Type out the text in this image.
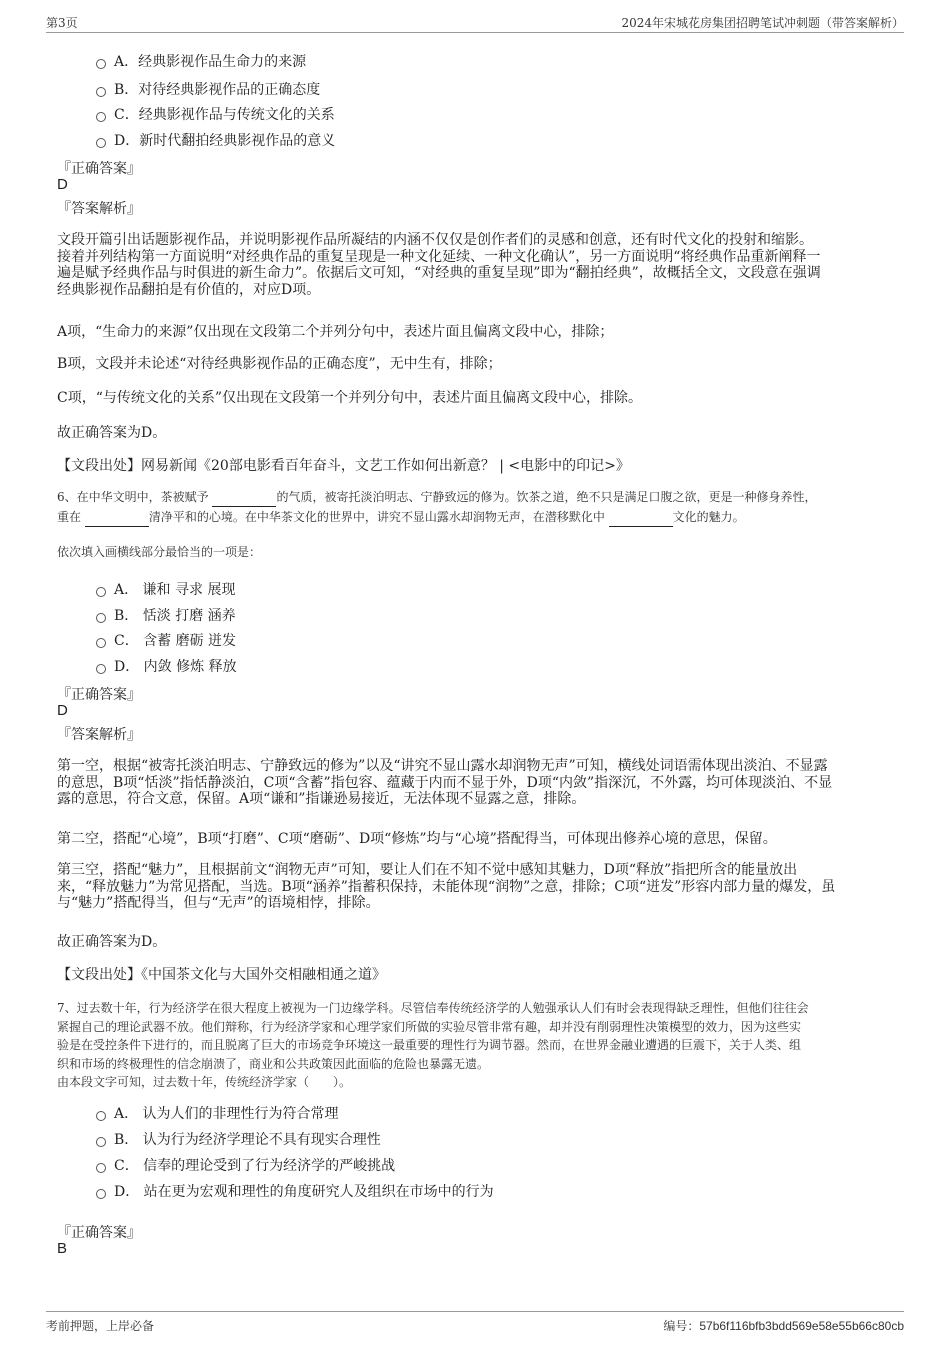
第3页	2024年宋城花房集团招聘笔试冲刺题（带答案解析）
A．经典影视作品生命力的来源
B．对待经典影视作品的正确态度
C．经典影视作品与传统文化的关系
D．新时代翻拍经典影视作品的意义
『正确答案』
D
『答案解析』

文段开篇引出话题影视作品，并说明影视作品所凝结的内涵不仅仅是创作者们的灵感和创意，还有时代文化的投射和缩影。

接着并列结构第一方面说明“对经典作品的重复呈现是一种文化延续、一种文化确认”，另一方面说明“将经典作品重新阐释一

遍是赋予经典作品与时俱进的新生命力”。依据后文可知，“对经典的重复呈现”即为“翻拍经典”，故概括全文，文段意在强调

经典影视作品翻拍是有价值的，对应D项。

A项，“生命力的来源”仅出现在文段第二个并列分句中，表述片面且偏离文段中心，排除；
B项，文段并未论述“对待经典影视作品的正确态度”，无中生有，排除；
C项，“与传统文化的关系”仅出现在文段第一个并列分句中，表述片面且偏离文段中心，排除。
故正确答案为D。
【文段出处】网易新闻《20部电影看百年奋斗，文艺工作如何出新意？ | <电影中的印记>》

6、在中华文明中，茶被赋予	的气质，被寄托淡泊明志、宁静致远的修为。饮茶之道，绝不只是满足口腹之欲，更是一种修身养性，

重在	清净平和的心境。在中华茶文化的世界中，讲究不显山露水却润物无声，在潜移默化中	文化的魅力。

依次填入画横线部分最恰当的一项是：
A． 谦和 寻求 展现
B． 恬淡 打磨 涵养
C． 含蓄 磨砺 迸发
D． 内敛 修炼 释放
『正确答案』
D
『答案解析』

第一空，根据“被寄托淡泊明志、宁静致远的修为”以及“讲究不显山露水却润物无声”可知，横线处词语需体现出淡泊、不显露

的意思，B项“恬淡”指恬静淡泊，C项“含蓄”指包容、蕴藏于内而不显于外，D项“内敛”指深沉，不外露，均可体现淡泊、不显

露的意思，符合文意，保留。A项“谦和”指谦逊易接近，无法体现不显露之意，排除。

第二空，搭配“心境”，B项“打磨”、C项“磨砺”、D项“修炼”均与“心境”搭配得当，可体现出修养心境的意思，保留。

第三空，搭配“魅力”，且根据前文“润物无声”可知，要让人们在不知不觉中感知其魅力，D项“释放”指把所含的能量放出

来，“释放魅力”为常见搭配，当选。B项“涵养”指蓄积保持，未能体现“润物”之意，排除；C项“迸发”形容内部力量的爆发，虽

与“魅力”搭配得当，但与“无声”的语境相悖，排除。

故正确答案为D。
【文段出处】《中国茶文化与大国外交相融相通之道》

7、过去数十年，行为经济学在很大程度上被视为一门边缘学科。尽管信奉传统经济学的人勉强承认人们有时会表现得缺乏理性，但他们往往会

紧握自己的理论武器不放。他们辩称，行为经济学家和心理学家们所做的实验尽管非常有趣，却并没有削弱理性决策模型的效力，因为这些实

验是在受控条件下进行的，而且脱离了巨大的市场竞争环境这一最重要的理性行为调节器。然而，在世界金融业遭遇的巨震下，关于人类、组

织和市场的终极理性的信念崩溃了，商业和公共政策因此面临的危险也暴露无遗。

由本段文字可知，过去数十年，传统经济学家（　　）。

A． 认为人们的非理性行为符合常理
B． 认为行为经济学理论不具有现实合理性
C． 信奉的理论受到了行为经济学的严峻挑战
D． 站在更为宏观和理性的角度研究人及组织在市场中的行为
『正确答案』
B
考前押题，上岸必备	编号：57b6f116bfb3bdd569e58e55b66c80cb
